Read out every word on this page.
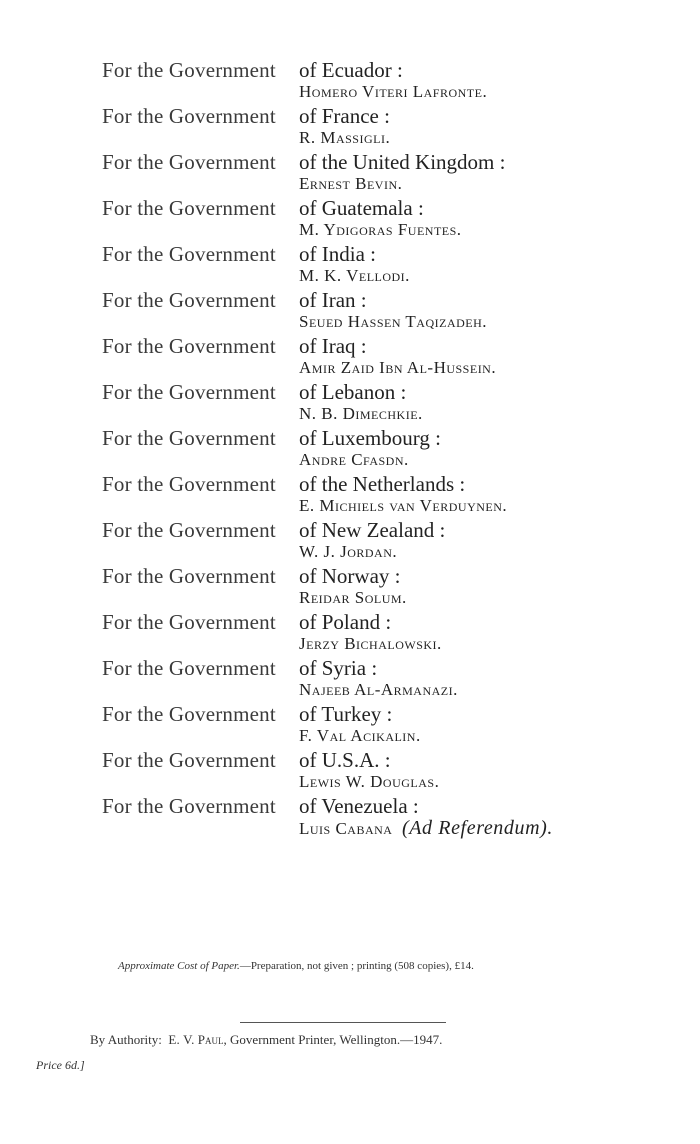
For the Government of Ecuador :
Homero Viteri Lafronte.
For the Government of France :
R. Massigli.
For the Government of the United Kingdom :
Ernest Bevin.
For the Government of Guatemala :
M. Ydigoras Fuentes.
For the Government of India :
M. K. Vellodi.
For the Government of Iran :
Seued Hassen Taqizadeh.
For the Government of Iraq :
Amir Zaid Ibn Al-Hussein.
For the Government of Lebanon :
N. B. Dimechkie.
For the Government of Luxembourg :
Andre Cfasdn.
For the Government of the Netherlands :
E. Michiels van Verduynen.
For the Government of New Zealand :
W. J. Jordan.
For the Government of Norway :
Reidar Solum.
For the Government of Poland :
Jerzy Bichalowski.
For the Government of Syria :
Najeeb Al-Armanazi.
For the Government of Turkey :
F. Val Acikalin.
For the Government of U.S.A. :
Lewis W. Douglas.
For the Government of Venezuela :
Luis Cabana (Ad Referendum).
Approximate Cost of Paper.—Preparation, not given ; printing (508 copies), £14.
By Authority: E. V. Paul, Government Printer, Wellington.—1947.
Price 6d.]
